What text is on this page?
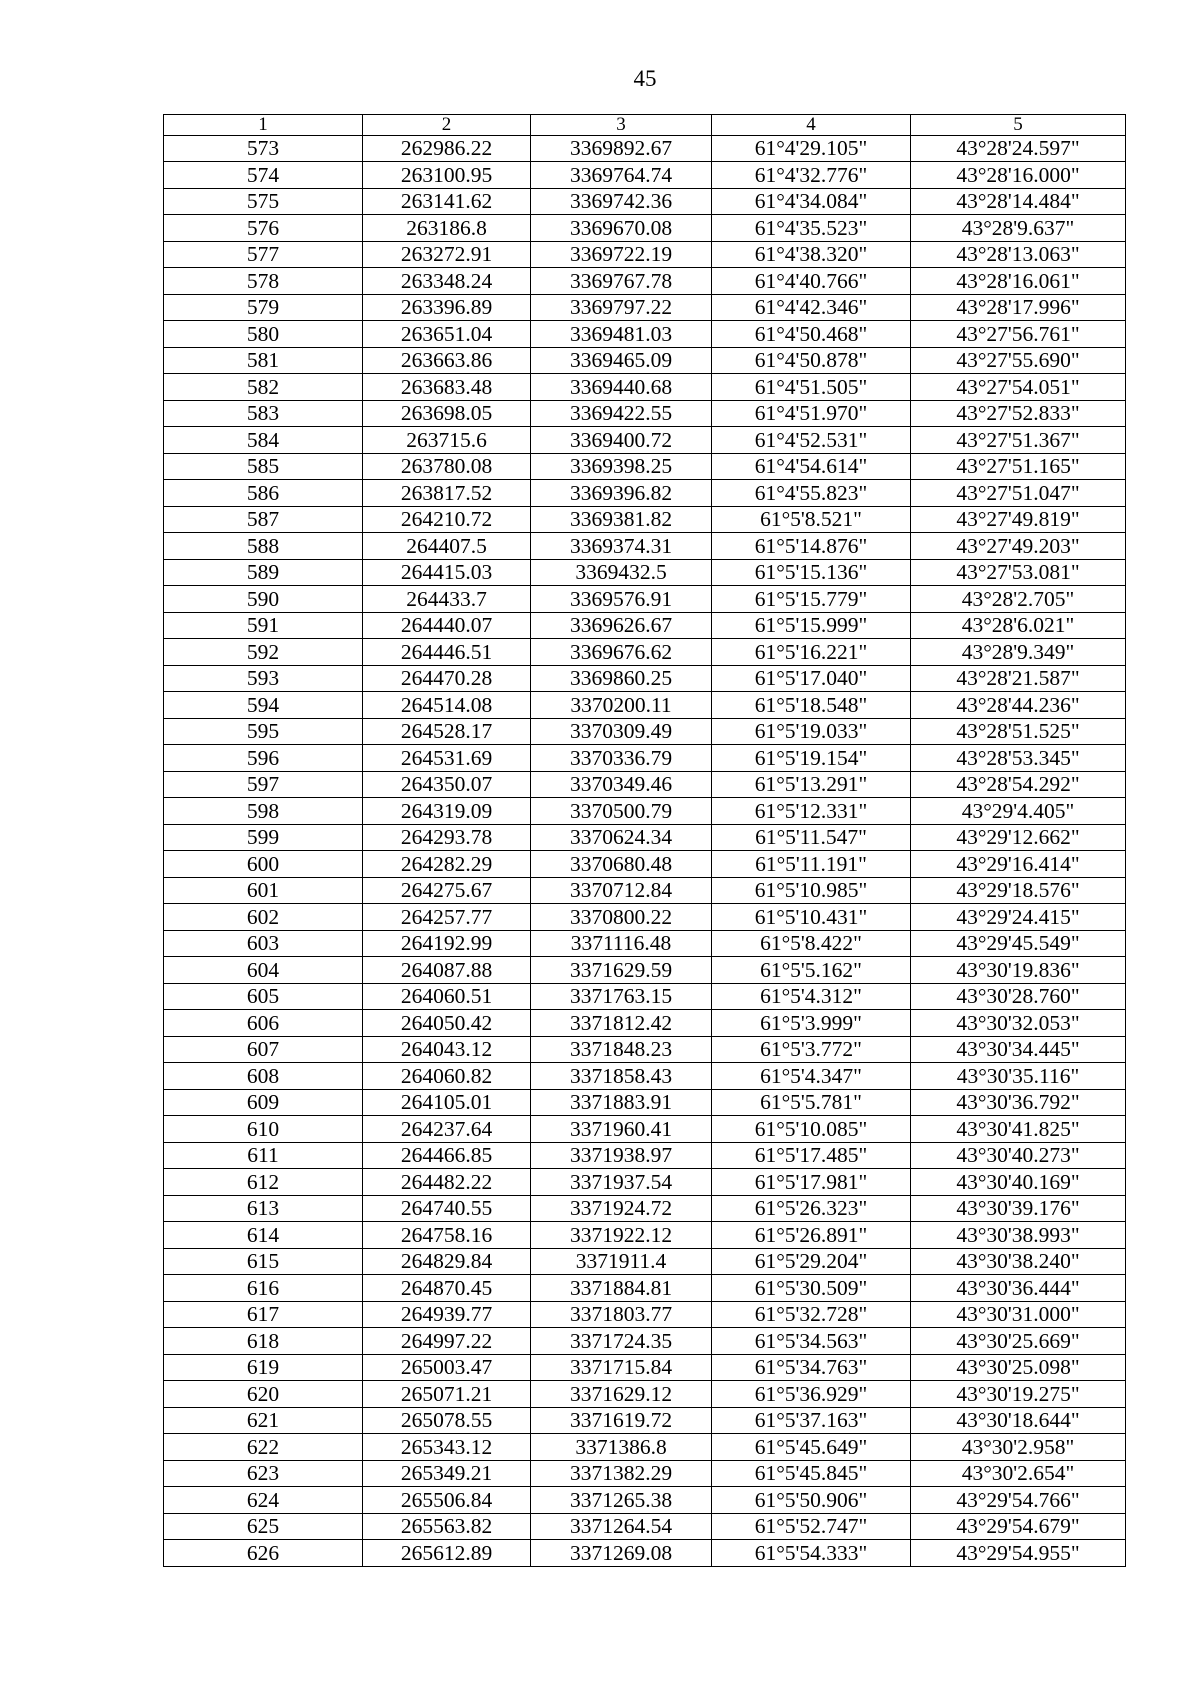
45
1	2	3	4	5
573	262986.22	3369892.67	61°4'29.105"	43°28'24.597"
574	263100.95	3369764.74	61°4'32.776"	43°28'16.000"
575	263141.62	3369742.36	61°4'34.084"	43°28'14.484"
576	263186.8	3369670.08	61°4'35.523"	43°28'9.637"
577	263272.91	3369722.19	61°4'38.320"	43°28'13.063"
578	263348.24	3369767.78	61°4'40.766"	43°28'16.061"
579	263396.89	3369797.22	61°4'42.346"	43°28'17.996"
580	263651.04	3369481.03	61°4'50.468"	43°27'56.761"
581	263663.86	3369465.09	61°4'50.878"	43°27'55.690"
582	263683.48	3369440.68	61°4'51.505"	43°27'54.051"
583	263698.05	3369422.55	61°4'51.970"	43°27'52.833"
584	263715.6	3369400.72	61°4'52.531"	43°27'51.367"
585	263780.08	3369398.25	61°4'54.614"	43°27'51.165"
586	263817.52	3369396.82	61°4'55.823"	43°27'51.047"
587	264210.72	3369381.82	61°5'8.521"	43°27'49.819"
588	264407.5	3369374.31	61°5'14.876"	43°27'49.203"
589	264415.03	3369432.5	61°5'15.136"	43°27'53.081"
590	264433.7	3369576.91	61°5'15.779"	43°28'2.705"
591	264440.07	3369626.67	61°5'15.999"	43°28'6.021"
592	264446.51	3369676.62	61°5'16.221"	43°28'9.349"
593	264470.28	3369860.25	61°5'17.040"	43°28'21.587"
594	264514.08	3370200.11	61°5'18.548"	43°28'44.236"
595	264528.17	3370309.49	61°5'19.033"	43°28'51.525"
596	264531.69	3370336.79	61°5'19.154"	43°28'53.345"
597	264350.07	3370349.46	61°5'13.291"	43°28'54.292"
598	264319.09	3370500.79	61°5'12.331"	43°29'4.405"
599	264293.78	3370624.34	61°5'11.547"	43°29'12.662"
600	264282.29	3370680.48	61°5'11.191"	43°29'16.414"
601	264275.67	3370712.84	61°5'10.985"	43°29'18.576"
602	264257.77	3370800.22	61°5'10.431"	43°29'24.415"
603	264192.99	3371116.48	61°5'8.422"	43°29'45.549"
604	264087.88	3371629.59	61°5'5.162"	43°30'19.836"
605	264060.51	3371763.15	61°5'4.312"	43°30'28.760"
606	264050.42	3371812.42	61°5'3.999"	43°30'32.053"
607	264043.12	3371848.23	61°5'3.772"	43°30'34.445"
608	264060.82	3371858.43	61°5'4.347"	43°30'35.116"
609	264105.01	3371883.91	61°5'5.781"	43°30'36.792"
610	264237.64	3371960.41	61°5'10.085"	43°30'41.825"
611	264466.85	3371938.97	61°5'17.485"	43°30'40.273"
612	264482.22	3371937.54	61°5'17.981"	43°30'40.169"
613	264740.55	3371924.72	61°5'26.323"	43°30'39.176"
614	264758.16	3371922.12	61°5'26.891"	43°30'38.993"
615	264829.84	3371911.4	61°5'29.204"	43°30'38.240"
616	264870.45	3371884.81	61°5'30.509"	43°30'36.444"
617	264939.77	3371803.77	61°5'32.728"	43°30'31.000"
618	264997.22	3371724.35	61°5'34.563"	43°30'25.669"
619	265003.47	3371715.84	61°5'34.763"	43°30'25.098"
620	265071.21	3371629.12	61°5'36.929"	43°30'19.275"
621	265078.55	3371619.72	61°5'37.163"	43°30'18.644"
622	265343.12	3371386.8	61°5'45.649"	43°30'2.958"
623	265349.21	3371382.29	61°5'45.845"	43°30'2.654"
624	265506.84	3371265.38	61°5'50.906"	43°29'54.766"
625	265563.82	3371264.54	61°5'52.747"	43°29'54.679"
626	265612.89	3371269.08	61°5'54.333"	43°29'54.955"
